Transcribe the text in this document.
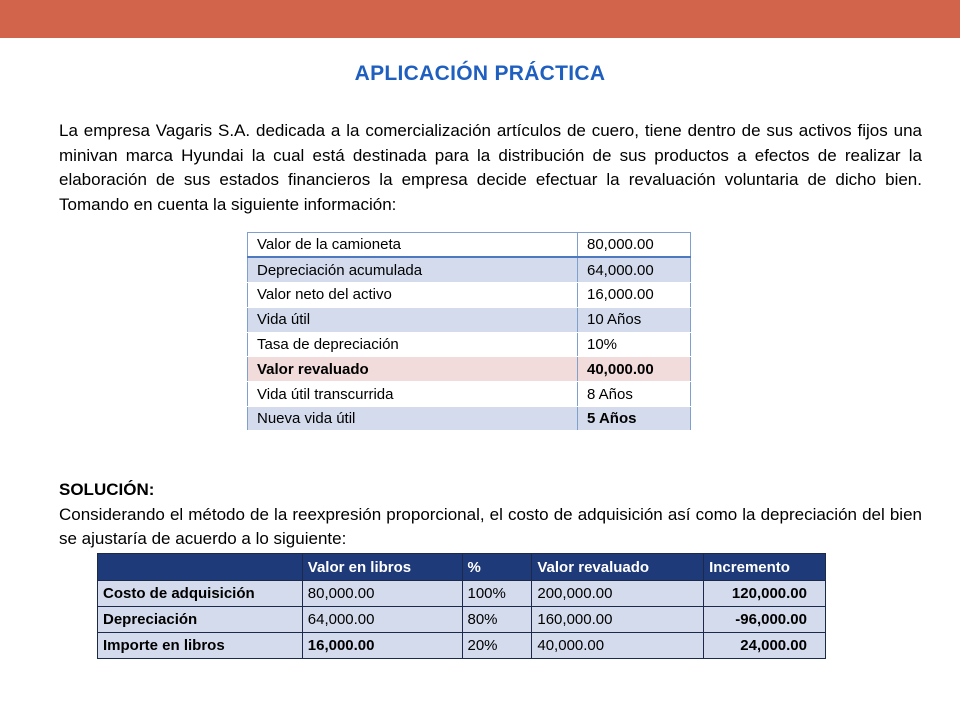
APLICACIÓN PRÁCTICA
La empresa Vagaris S.A. dedicada a la comercialización artículos de cuero, tiene dentro de sus activos fijos una minivan marca Hyundai la cual está destinada para la distribución de sus productos a efectos de realizar la elaboración de sus estados financieros la empresa decide efectuar la revaluación voluntaria de dicho bien. Tomando en cuenta la siguiente información:
Valor de la camioneta	80,000.00
Depreciación acumulada	64,000.00
Valor neto del activo	16,000.00
Vida útil	10 Años
Tasa de depreciación	10%
Valor revaluado	40,000.00
Vida útil transcurrida	8 Años
Nueva vida útil	5 Años
SOLUCIÓN:
Considerando el método de la reexpresión proporcional, el costo de adquisición así como la depreciación del bien se ajustaría de acuerdo a lo siguiente:
	Valor en libros	%	Valor revaluado	Incremento
Costo de adquisición	80,000.00	100%	200,000.00	120,000.00
Depreciación	64,000.00	80%	160,000.00	-96,000.00
Importe en libros	16,000.00	20%	40,000.00	24,000.00
